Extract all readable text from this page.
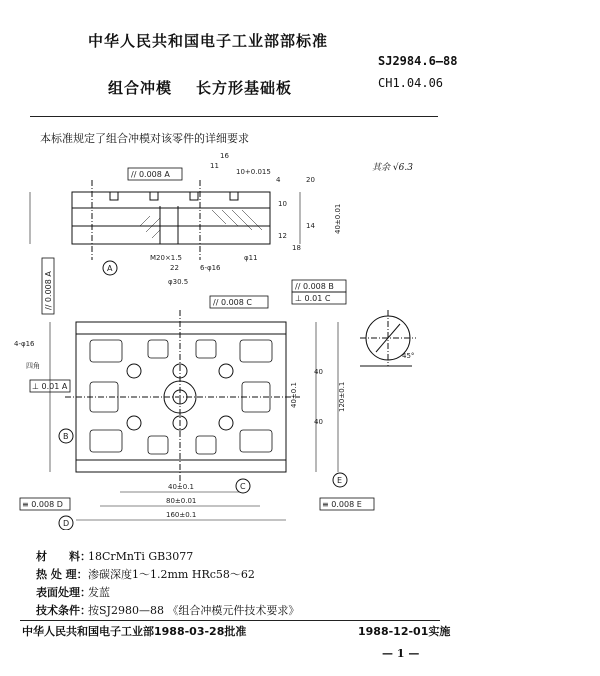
中华人民共和国电子工业部部标准
SJ2984.6—88
CH1.04.06
组合冲模 长方形基础板
本标准规定了组合冲模对该零件的详细要求
其余 √6.3
// 0.008 A
// 0.008 C
// 0.008 B
⊥ 0.01 C
⊥ 0.01 A
// 0.008 A
≡ 0.008 D	≡ 0.008 E
A
B
C
D
E
16
11
10+0.015
4	20
10
14	40±0.01
12
18
22
φ30.5
M20×1.5
6-φ16
φ11
40
40
40±0.1	120±0.1
40±0.1
80±0.01
160±0.1
4-φ16
四角
45°
材　　料：18CrMnTi GB3077
热 处 理：渗碳深度1～1.2mm HRc58～62
表面处理：发蓝
技术条件：按SJ2980—88 《组合冲模元件技术要求》
中华人民共和国电子工业部1988-03-28批准	1988-12-01实施
— 1 —
